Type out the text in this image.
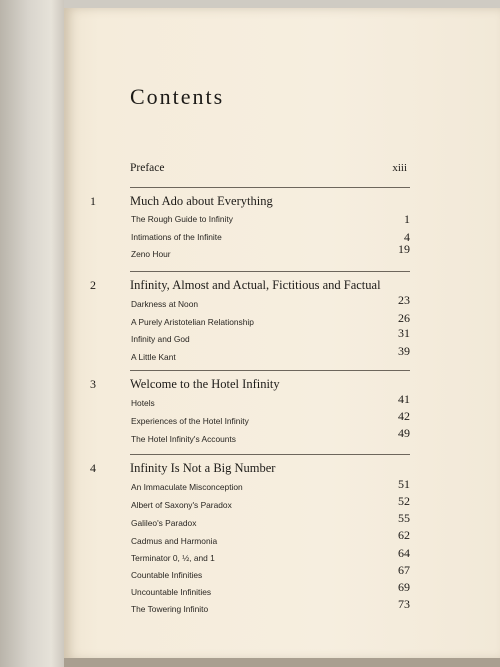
Contents
Preface	xiii
1	Much Ado about Everything
The Rough Guide to Infinity	1
Intimations of the Infinite	4
Zeno Hour	19
2	Infinity, Almost and Actual, Fictitious and Factual
Darkness at Noon	23
A Purely Aristotelian Relationship	26
Infinity and God	31
A Little Kant	39
3	Welcome to the Hotel Infinity
Hotels	41
Experiences of the Hotel Infinity	42
The Hotel Infinity's Accounts	49
4	Infinity Is Not a Big Number
An Immaculate Misconception	51
Albert of Saxony's Paradox	52
Galileo's Paradox	55
Cadmus and Harmonia	62
Terminator 0, ½, and 1	64
Countable Infinities	67
Uncountable Infinities	69
The Towering Infinito	73
